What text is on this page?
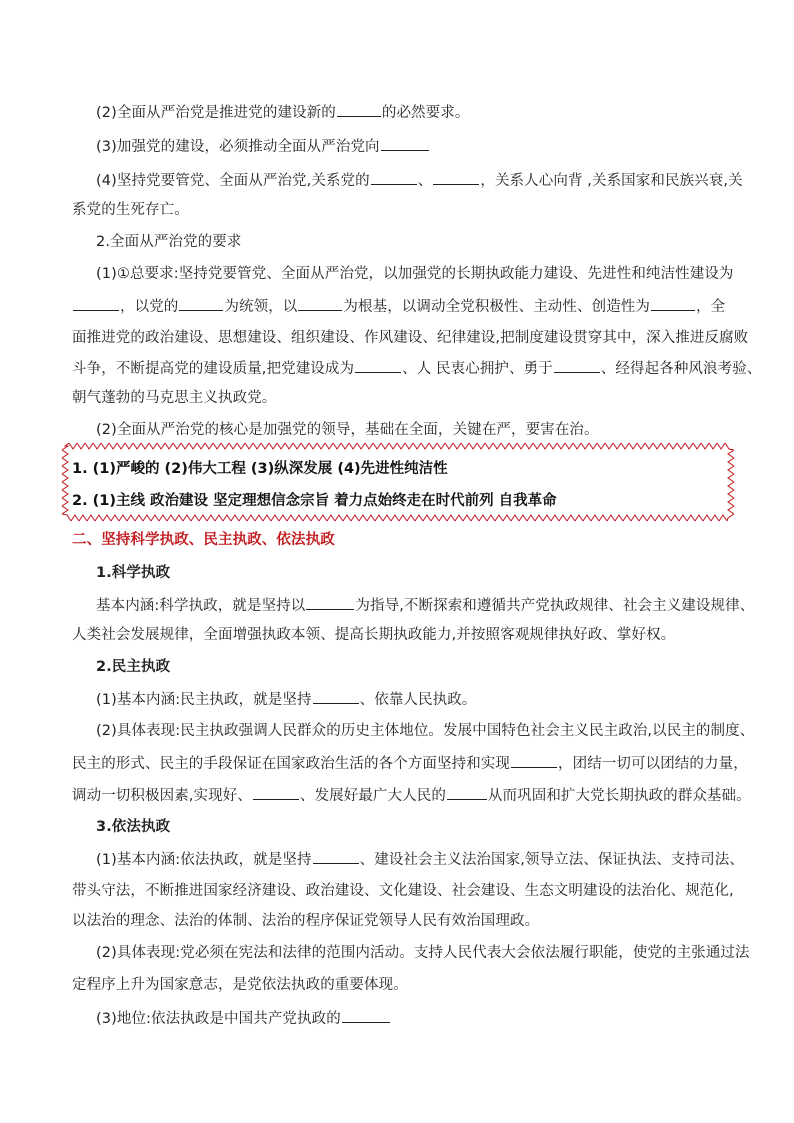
(2)全面从严治党是推进党的建设新的	的必然要求。
(3)加强党的建设，必须推动全面从严治党向
(4)坚持党要管党、全面从严治党,关系党的	、	，关系人心向背 ,关系国家和民族兴衰,关
系党的生死存亡。
2.全面从严治党的要求
(1)①总要求:坚持党要管党、全面从严治党，以加强党的长期执政能力建设、先进性和纯洁性建设为
，以党的	为统领，以	为根基，以调动全党积极性、主动性、创造性为	，全
面推进党的政治建设、思想建设、组织建设、作风建设、纪律建设,把制度建设贯穿其中，深入推进反腐败
斗争，不断提高党的建设质量,把党建设成为	、人 民衷心拥护、勇于	、经得起各种风浪考验、
朝气蓬勃的马克思主义执政党。
(2)全面从严治党的核心是加强党的领导，基础在全面，关键在严，要害在治。
1. (1)严峻的 (2)伟大工程 (3)纵深发展 (4)先进性纯洁性
2. (1)主线 政治建设 坚定理想信念宗旨 着力点始终走在时代前列 自我革命
二、坚持科学执政、民主执政、依法执政
1.科学执政
基本内涵:科学执政，就是坚持以	为指导,不断探索和遵循共产党执政规律、社会主义建设规律、
人类社会发展规律，全面增强执政本领、提高长期执政能力,并按照客观规律执好政、掌好权。
2.民主执政
(1)基本内涵:民主执政，就是坚持	、依靠人民执政。
(2)具体表现:民主执政强调人民群众的历史主体地位。发展中国特色社会主义民主政治,以民主的制度、
民主的形式、民主的手段保证在国家政治生活的各个方面坚持和实现	，团结一切可以团结的力量，
调动一切积极因素,实现好、	、发展好最广大人民的	从而巩固和扩大党长期执政的群众基础。
3.依法执政
(1)基本内涵:依法执政，就是坚持	、建设社会主义法治国家,领导立法、保证执法、支持司法、
带头守法，不断推进国家经济建设、政治建设、文化建设、社会建设、生态文明建设的法治化、规范化,
以法治的理念、法治的体制、法治的程序保证党领导人民有效治国理政。
(2)具体表现:党必须在宪法和法律的范围内活动。支持人民代表大会依法履行职能，使党的主张通过法
定程序上升为国家意志，是党依法执政的重要体现。
(3)地位:依法执政是中国共产党执政的
